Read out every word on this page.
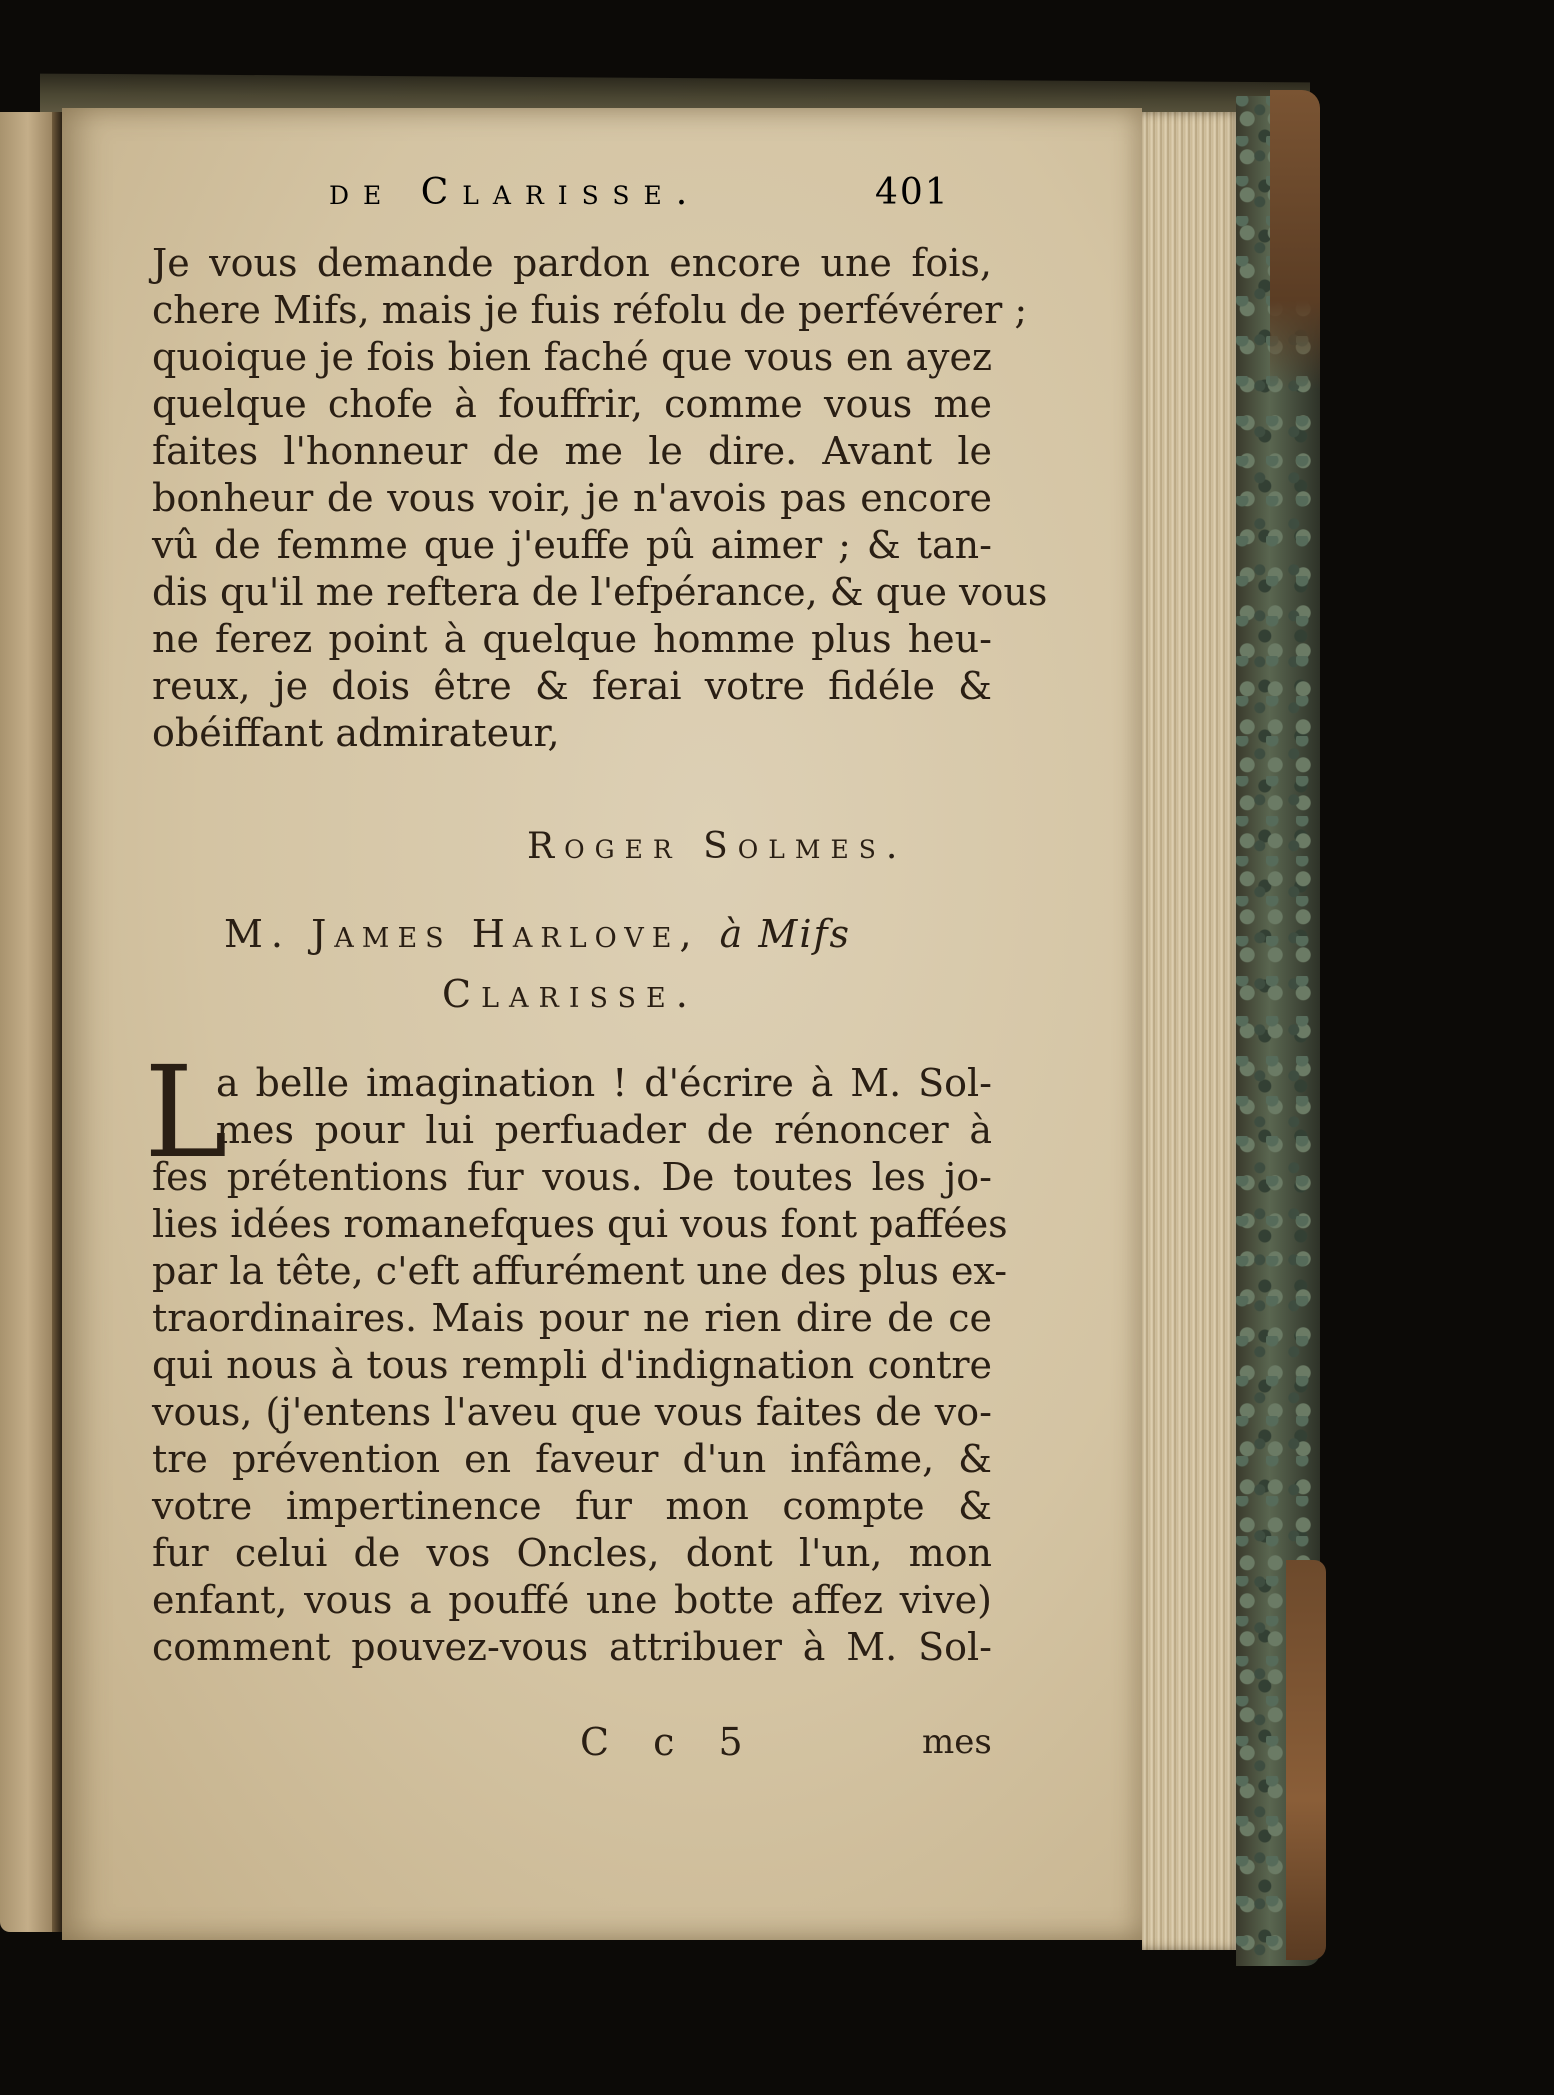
de Clarisse.	401
Je vous demande pardon encore une fois,
chere Mifs, mais je fuis réfolu de perfévérer ;
quoique je fois bien faché que vous en ayez
quelque chofe à fouffrir, comme vous me
faites l'honneur de me le dire. Avant le
bonheur de vous voir, je n'avois pas encore
vû de femme que j'euffe pû aimer ; & tan-
dis qu'il me reftera de l'efpérance, & que vous
ne ferez point à quelque homme plus heu-
reux, je dois être & ferai votre fidéle &
obéiffant admirateur,
Roger Solmes.
M. James Harlove, à Mifs
Clarisse.
L
a belle imagination ! d'écrire à M. Sol-
mes pour lui perfuader de rénoncer à
fes prétentions fur vous. De toutes les jo-
lies idées romanefques qui vous font paffées
par la tête, c'eft affurément une des plus ex-
traordinaires. Mais pour ne rien dire de ce
qui nous à tous rempli d'indignation contre
vous, (j'entens l'aveu que vous faites de vo-
tre prévention en faveur d'un infâme, &
votre impertinence fur mon compte &
fur celui de vos Oncles, dont l'un, mon
enfant, vous a pouffé une botte affez vive)
comment pouvez-vous attribuer à M. Sol-
C c 5	mes
